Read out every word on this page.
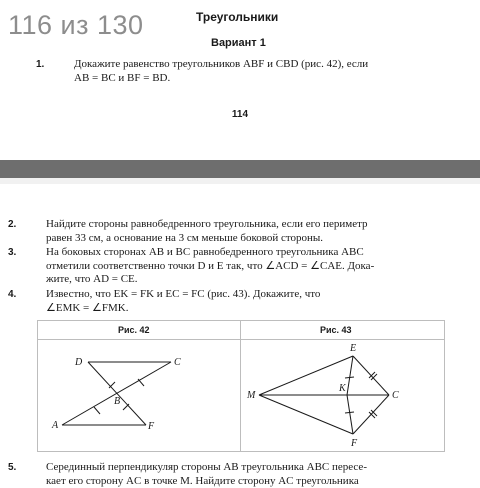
116 из 130	Треугольники
Вариант 1
1.	Докажите равенство треугольников ABF и CBD (рис. 42), если
AB = BC и BF = BD.
114
2.	Найдите стороны равнобедренного треугольника, если его периметр
равен 33 см, а основание на 3 см меньше боковой стороны.
3.	На боковых сторонах AB и BC равнобедренного треугольника ABC
отметили соответственно точки D и E так, что ∠ACD = ∠CAE. Дока-
жите, что AD = CE.
4.	Известно, что EK = FK и EC = FC (рис. 43). Докажите, что
∠EMK = ∠FMK.
Рис. 42	Рис. 43
D	C
B
A	F
E
M
K
C
F
5.	Серединный перпендикуляр стороны AB треугольника ABC пересе-
кает его сторону AC в точке M. Найдите сторону AC треугольника
